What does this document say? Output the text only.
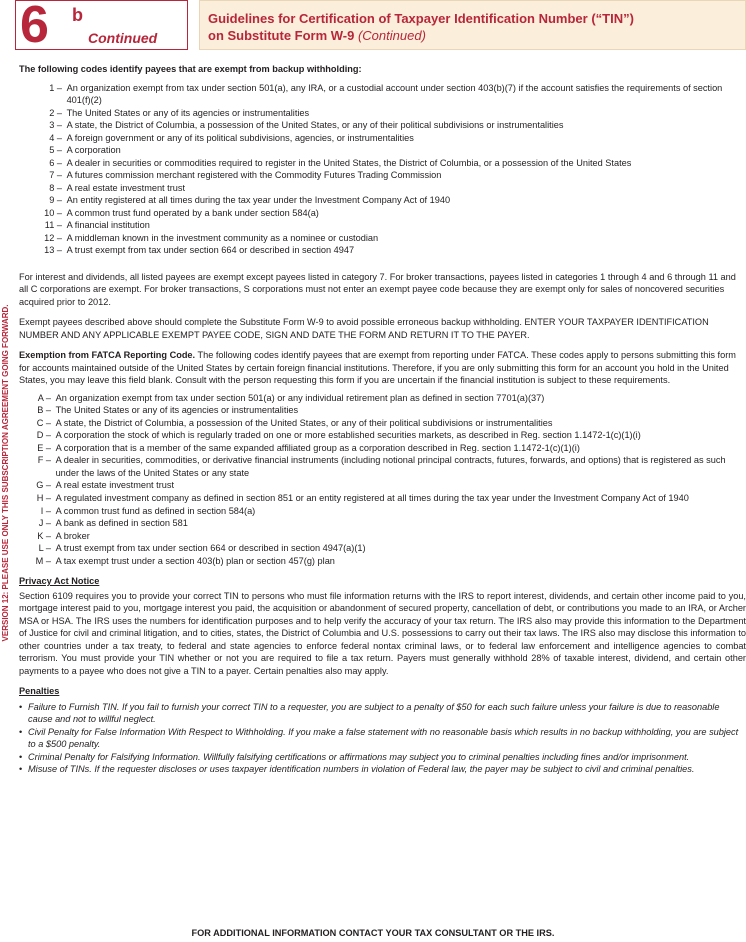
6 b
Continued
Guidelines for Certification of Taxpayer Identification Number (“TIN”)
on Substitute Form W-9 (Continued)
VERSION 12: PLEASE USE ONLY THIS SUBSCRIPTION AGREEMENT GOING FORWARD.

The following codes identify payees that are exempt from backup withholding:

1 –
An organization exempt from tax under section 501(a), any IRA, or a custodial account under section 403(b)(7) if the account satisfies the requirements of section 401(f)(2)
2 –
The United States or any of its agencies or instrumentalities
3 –
A state, the District of Columbia, a possession of the United States, or any of their political subdivisions or instrumentalities
4 –
A foreign government or any of its political subdivisions, agencies, or instrumentalities
5 –
A corporation
6 –
A dealer in securities or commodities required to register in the United States, the District of Columbia, or a possession of the United States
7 –
A futures commission merchant registered with the Commodity Futures Trading Commission
8 –
A real estate investment trust
9 –
An entity registered at all times during the tax year under the Investment Company Act of 1940
10 –
A common trust fund operated by a bank under section 584(a)
11 –
A financial institution
12 –
A middleman known in the investment community as a nominee or custodian
13 –
A trust exempt from tax under section 664 or described in section 4947

For interest and dividends, all listed payees are exempt except payees listed in category 7. For broker transactions, payees listed in categories 1 through 4 and 6 through 11 and all C corporations are exempt. For broker transactions, S corporations must not enter an exempt payee code because they are exempt only for sales of noncovered securities acquired prior to 2012.

Exempt payees described above should complete the Substitute Form W-9 to avoid possible erroneous backup withholding. ENTER YOUR TAXPAYER IDENTIFICATION NUMBER AND ANY APPLICABLE EXEMPT PAYEE CODE, SIGN AND DATE THE FORM AND RETURN IT TO THE PAYER.

Exemption from FATCA Reporting Code. The following codes identify payees that are exempt from reporting under FATCA. These codes apply to persons submitting this form for accounts maintained outside of the United States by certain foreign financial institutions. Therefore, if you are only submitting this form for an account you hold in the United States, you may leave this field blank. Consult with the person requesting this form if you are uncertain if the financial institution is subject to these requirements.

A –
An organization exempt from tax under section 501(a) or any individual retirement plan as defined in section 7701(a)(37)
B –
The United States or any of its agencies or instrumentalities
C –
A state, the District of Columbia, a possession of the United States, or any of their political subdivisions or instrumentalities
D –
A corporation the stock of which is regularly traded on one or more established securities markets, as described in Reg. section 1.1472-1(c)(1)(i)
E –
A corporation that is a member of the same expanded affiliated group as a corporation described in Reg. section 1.1472-1(c)(1)(i)
F –
A dealer in securities, commodities, or derivative financial instruments (including notional principal contracts, futures, forwards, and options) that is registered as such under the laws of the United States or any state
G –
A real estate investment trust
H –
A regulated investment company as defined in section 851 or an entity registered at all times during the tax year under the Investment Company Act of 1940
I –
A common trust fund as defined in section 584(a)
J –
A bank as defined in section 581
K –
A broker
L –
A trust exempt from tax under section 664 or described in section 4947(a)(1)
M –
A tax exempt trust under a section 403(b) plan or section 457(g) plan

Privacy Act Notice

Section 6109 requires you to provide your correct TIN to persons who must file information returns with the IRS to report interest, dividends, and certain other income paid to you, mortgage interest paid to you, mortgage interest you paid, the acquisition or abandonment of secured property, cancellation of debt, or contributions you made to an IRA, or Archer MSA or HSA. The IRS uses the numbers for identification purposes and to help verify the accuracy of your tax return. The IRS also may provide this information to the Department of Justice for civil and criminal litigation, and to cities, states, the District of Columbia and U.S. possessions to carry out their tax laws. The IRS also may disclose this information to other countries under a tax treaty, to federal and state agencies to enforce federal nontax criminal laws, or to federal law enforcement and intelligence agencies to combat terrorism. You must provide your TIN whether or not you are required to file a tax return. Payers must generally withhold 28% of taxable interest, dividend, and certain other payments to a payee who does not give a TIN to a payer. Certain penalties also may apply.

Penalties

• Failure to Furnish TIN. If you fail to furnish your correct TIN to a requester, you are subject to a penalty of $50 for each such failure unless your failure is due to reasonable cause and not to willful neglect.
• Civil Penalty for False Information With Respect to Withholding. If you make a false statement with no reasonable basis which results in no backup withholding, you are subject to a $500 penalty.
• Criminal Penalty for Falsifying Information. Willfully falsifying certifications or affirmations may subject you to criminal penalties including fines and/or imprisonment.
• Misuse of TINs. If the requester discloses or uses taxpayer identification numbers in violation of Federal law, the payer may be subject to civil and criminal penalties.
FOR ADDITIONAL INFORMATION CONTACT YOUR TAX CONSULTANT OR THE IRS.
